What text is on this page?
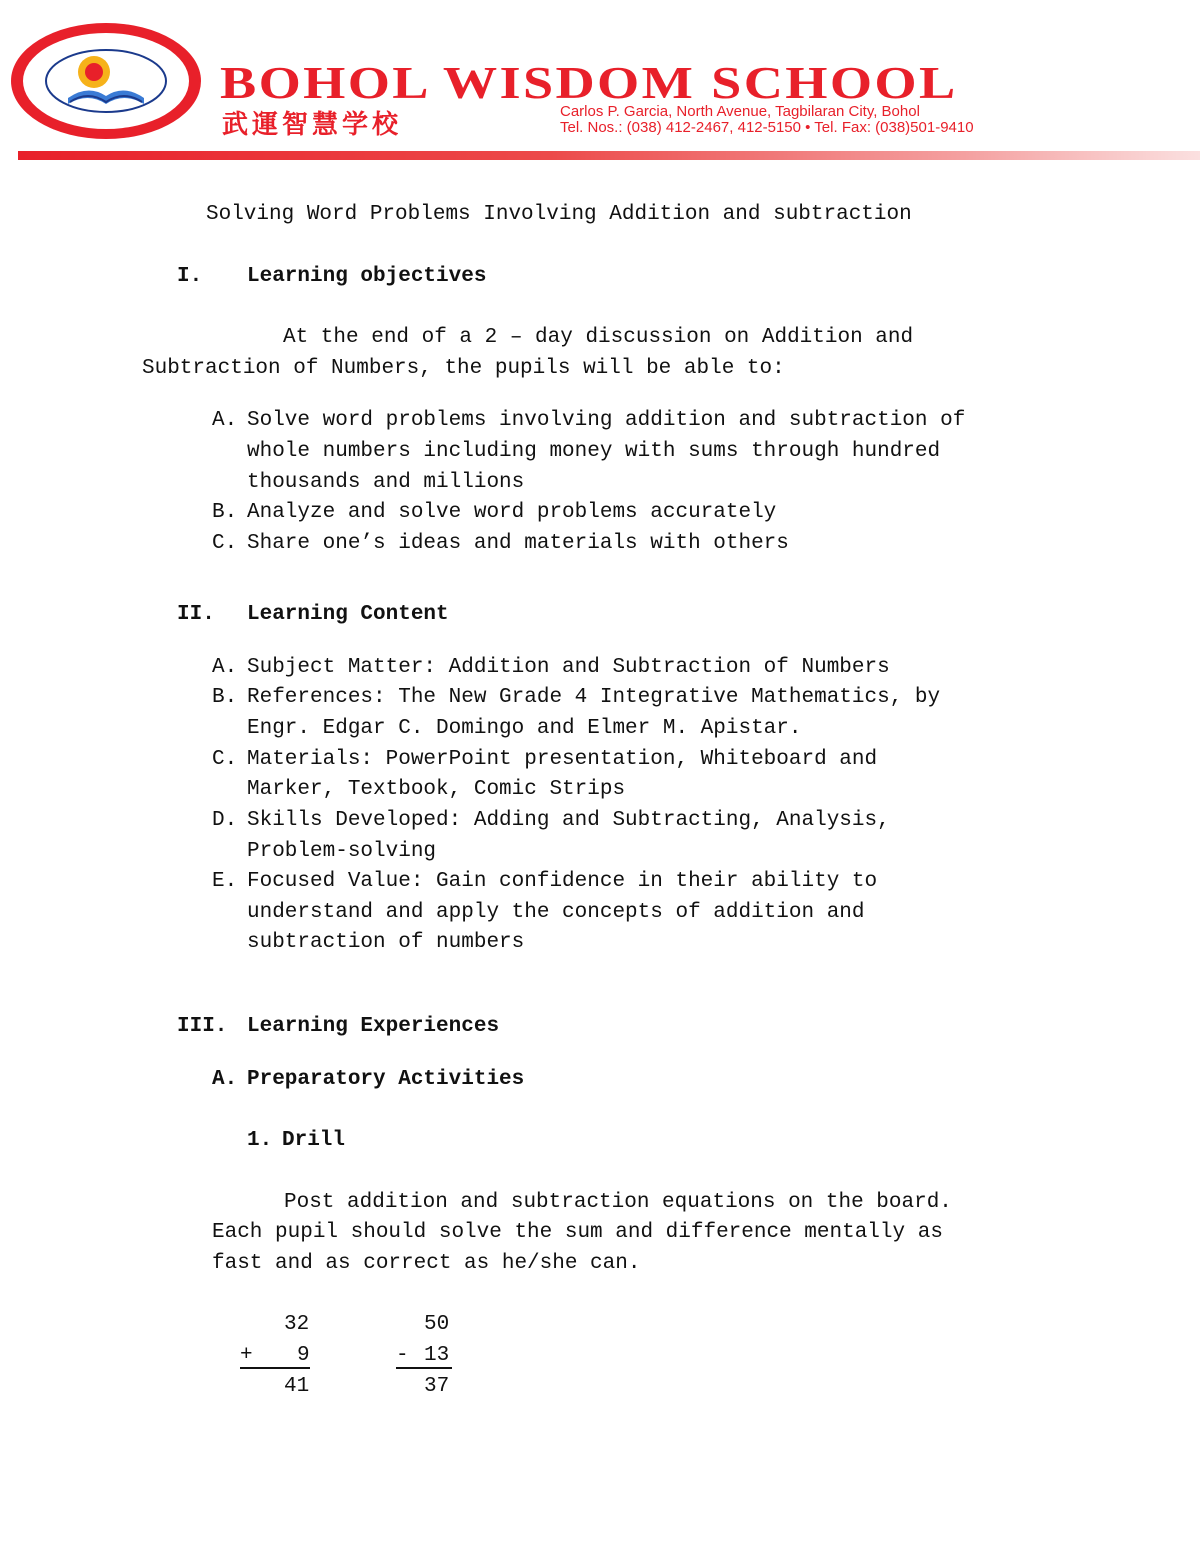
BOHOL WISDOM SCHOOL
武運智慧学校	Carlos P. Garcia, North Avenue, Tagbilaran City, Bohol
Tel. Nos.: (038) 412-2467, 412-5150 • Tel. Fax: (038)501-9410
Solving Word Problems Involving Addition and subtraction
I. Learning objectives
At the end of a 2 – day discussion on Addition and
Subtraction of Numbers, the pupils will be able to:
A. Solve word problems involving addition and subtraction of
whole numbers including money with sums through hundred
thousands and millions
B. Analyze and solve word problems accurately
C. Share one’s ideas and materials with others
II. Learning Content
A. Subject Matter: Addition and Subtraction of Numbers
B. References: The New Grade 4 Integrative Mathematics, by
Engr. Edgar C. Domingo and Elmer M. Apistar.
C. Materials: PowerPoint presentation, Whiteboard and
Marker, Textbook, Comic Strips
D. Skills Developed: Adding and Subtracting, Analysis,
Problem-solving
E. Focused Value: Gain confidence in their ability to
understand and apply the concepts of addition and
subtraction of numbers
III. Learning Experiences
A. Preparatory Activities
1. Drill
Post addition and subtraction equations on the board.
Each pupil should solve the sum and difference mentally as
fast and as correct as he/she can.
32
+ 9
41
50
- 13
37
